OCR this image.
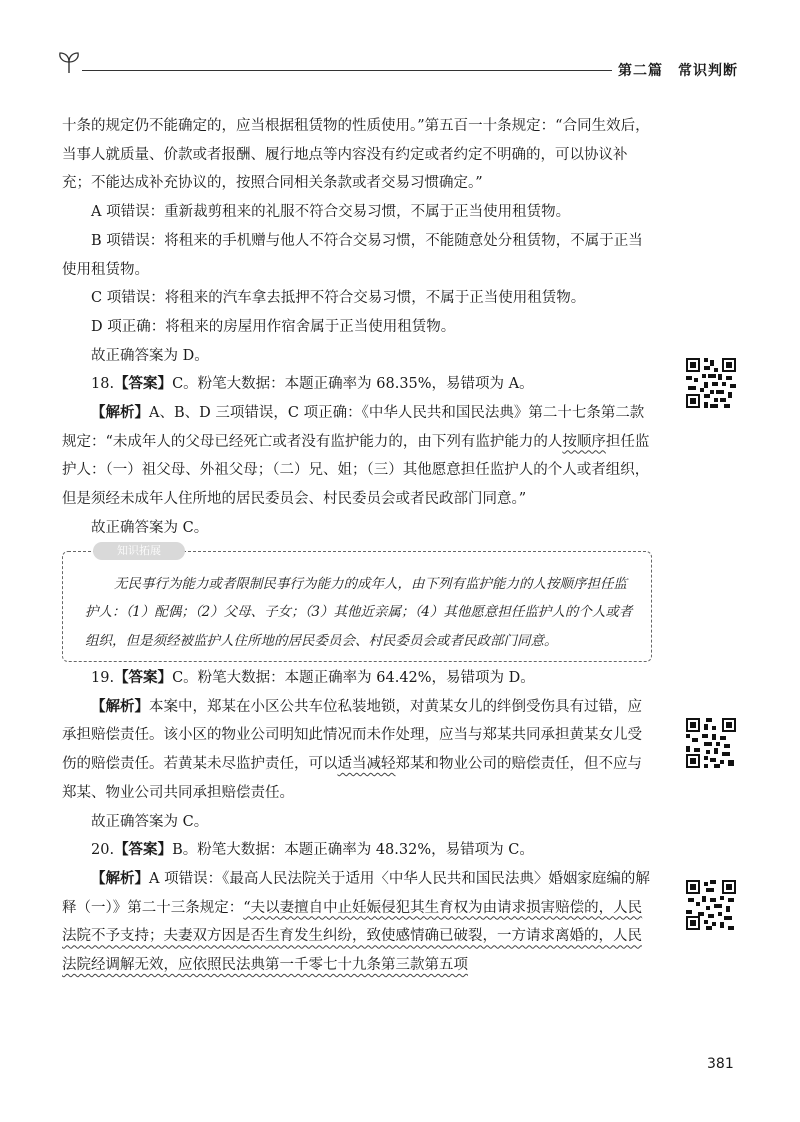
第二篇　常识判断

十条的规定仍不能确定的，应当根据租赁物的性质使用。”第五百一十条规定：“合同生效后，当事人就质量、价款或者报酬、履行地点等内容没有约定或者约定不明确的，可以协议补充；不能达成补充协议的，按照合同相关条款或者交易习惯确定。”

A 项错误：重新裁剪租来的礼服不符合交易习惯，不属于正当使用租赁物。

B 项错误：将租来的手机赠与他人不符合交易习惯，不能随意处分租赁物，不属于正当使用租赁物。

C 项错误：将租来的汽车拿去抵押不符合交易习惯，不属于正当使用租赁物。

D 项正确：将租来的房屋用作宿舍属于正当使用租赁物。

故正确答案为 D。

18.【答案】C。粉笔大数据：本题正确率为 68.35%，易错项为 A。

【解析】A、B、D 三项错误，C 项正确：《中华人民共和国民法典》第二十七条第二款规定：“未成年人的父母已经死亡或者没有监护能力的，由下列有监护能力的人按顺序担任监护人：（一）祖父母、外祖父母；（二）兄、姐；（三）其他愿意担任监护人的个人或者组织，但是须经未成年人住所地的居民委员会、村民委员会或者民政部门同意。”

故正确答案为 C。

知识拓展

无民事行为能力或者限制民事行为能力的成年人，由下列有监护能力的人按顺序担任监护人：（1）配偶；（2）父母、子女；（3）其他近亲属；（4）其他愿意担任监护人的个人或者组织，但是须经被监护人住所地的居民委员会、村民委员会或者民政部门同意。

19.【答案】C。粉笔大数据：本题正确率为 64.42%，易错项为 D。

【解析】本案中，郑某在小区公共车位私装地锁，对黄某女儿的绊倒受伤具有过错，应承担赔偿责任。该小区的物业公司明知此情况而未作处理，应当与郑某共同承担黄某女儿受伤的赔偿责任。若黄某未尽监护责任，可以适当减轻郑某和物业公司的赔偿责任，但不应与郑某、物业公司共同承担赔偿责任。

故正确答案为 C。

20.【答案】B。粉笔大数据：本题正确率为 48.32%，易错项为 C。

【解析】A 项错误：《最高人民法院关于适用〈中华人民共和国民法典〉婚姻家庭编的解释（一）》第二十三条规定：“夫以妻擅自中止妊娠侵犯其生育权为由请求损害赔偿的，人民法院不予支持；夫妻双方因是否生育发生纠纷，致使感情确已破裂，一方请求离婚的，人民法院经调解无效，应依照民法典第一千零七十九条第三款第五项

381
